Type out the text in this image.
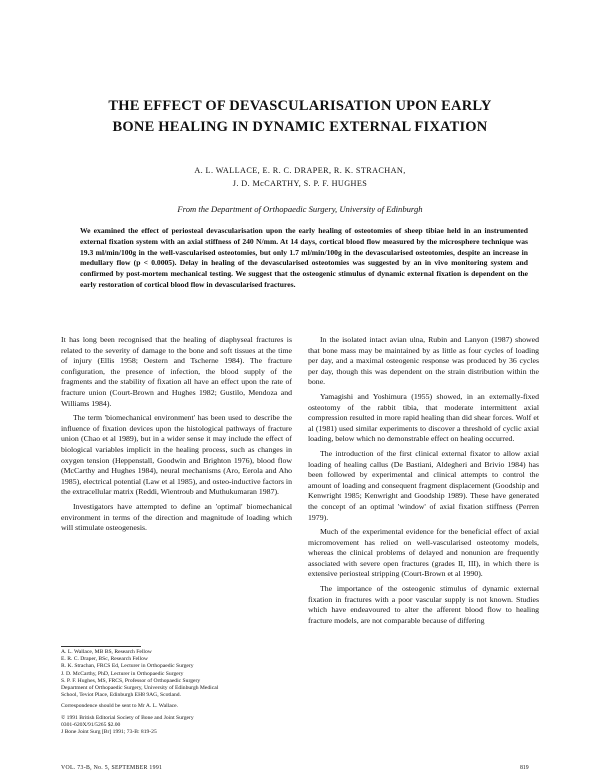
THE EFFECT OF DEVASCULARISATION UPON EARLY
BONE HEALING IN DYNAMIC EXTERNAL FIXATION
A. L. WALLACE, E. R. C. DRAPER, R. K. STRACHAN,
J. D. McCARTHY, S. P. F. HUGHES
From the Department of Orthopaedic Surgery, University of Edinburgh
We examined the effect of periosteal devascularisation upon the early healing of osteotomies of sheep tibiae held in an instrumented external fixation system with an axial stiffness of 240 N/mm. At 14 days, cortical blood flow measured by the microsphere technique was 19.3 ml/min/100g in the well-vascularised osteotomies, but only 1.7 ml/min/100g in the devascularised osteotomies, despite an increase in medullary flow (p < 0.0005). Delay in healing of the devascularised osteotomies was suggested by an in vivo monitoring system and confirmed by post-mortem mechanical testing. We suggest that the osteogenic stimulus of dynamic external fixation is dependent on the early restoration of cortical blood flow in devascularised fractures.

It has long been recognised that the healing of diaphyseal fractures is related to the severity of damage to the bone and soft tissues at the time of injury (Ellis 1958; Oestern and Tscherne 1984). The fracture configuration, the presence of infection, the blood supply of the fragments and the stability of fixation all have an effect upon the rate of fracture union (Court-Brown and Hughes 1982; Gustilo, Mendoza and Williams 1984).

The term 'biomechanical environment' has been used to describe the influence of fixation devices upon the histological pathways of fracture union (Chao et al 1989), but in a wider sense it may include the effect of biological variables implicit in the healing process, such as changes in oxygen tension (Heppenstall, Goodwin and Brighton 1976), blood flow (McCarthy and Hughes 1984), neural mechanisms (Aro, Eerola and Aho 1985), electrical potential (Law et al 1985), and osteo-inductive factors in the extracellular matrix (Reddi, Wientroub and Muthukumaran 1987).

Investigators have attempted to define an 'optimal' biomechanical environment in terms of the direction and magnitude of loading which will stimulate osteogenesis.

In the isolated intact avian ulna, Rubin and Lanyon (1987) showed that bone mass may be maintained by as little as four cycles of loading per day, and a maximal osteogenic response was produced by 36 cycles per day, though this was dependent on the strain distribution within the bone.

Yamagishi and Yoshimura (1955) showed, in an externally-fixed osteotomy of the rabbit tibia, that moderate intermittent axial compression resulted in more rapid healing than did shear forces. Wolf et al (1981) used similar experiments to discover a threshold of cyclic axial loading, below which no demonstrable effect on healing occurred.

The introduction of the first clinical external fixator to allow axial loading of healing callus (De Bastiani, Aldegheri and Brivio 1984) has been followed by experimental and clinical attempts to control the amount of loading and consequent fragment displacement (Goodship and Kenwright 1985; Kenwright and Goodship 1989). These have generated the concept of an optimal 'window' of axial fixation stiffness (Perren 1979).

Much of the experimental evidence for the beneficial effect of axial micromovement has relied on well-vascularised osteotomy models, whereas the clinical problems of delayed and nonunion are frequently associated with severe open fractures (grades II, III), in which there is extensive periosteal stripping (Court-Brown et al 1990).

The importance of the osteogenic stimulus of dynamic external fixation in fractures with a poor vascular supply is not known. Studies which have endeavoured to alter the afferent blood flow to healing fracture models, are not comparable because of differing

A. L. Wallace, MB BS, Research Fellow
E. R. C. Draper, BSc, Research Fellow
R. K. Strachan, FRCS Ed, Lecturer in Orthopaedic Surgery
J. D. McCarthy, PhD, Lecturer in Orthopaedic Surgery
S. P. F. Hughes, MS, FRCS, Professor of Orthopaedic Surgery
Department of Orthopaedic Surgery, University of Edinburgh Medical
School, Teviot Place, Edinburgh EH8 9AG, Scotland.
Correspondence should be sent to Mr A. L. Wallace.
© 1991 British Editorial Society of Bone and Joint Surgery
0301-620X/91/5265 $2.00
J Bone Joint Surg [Br] 1991; 73-B: 819-25
VOL. 73-B, No. 5, SEPTEMBER 1991	819
